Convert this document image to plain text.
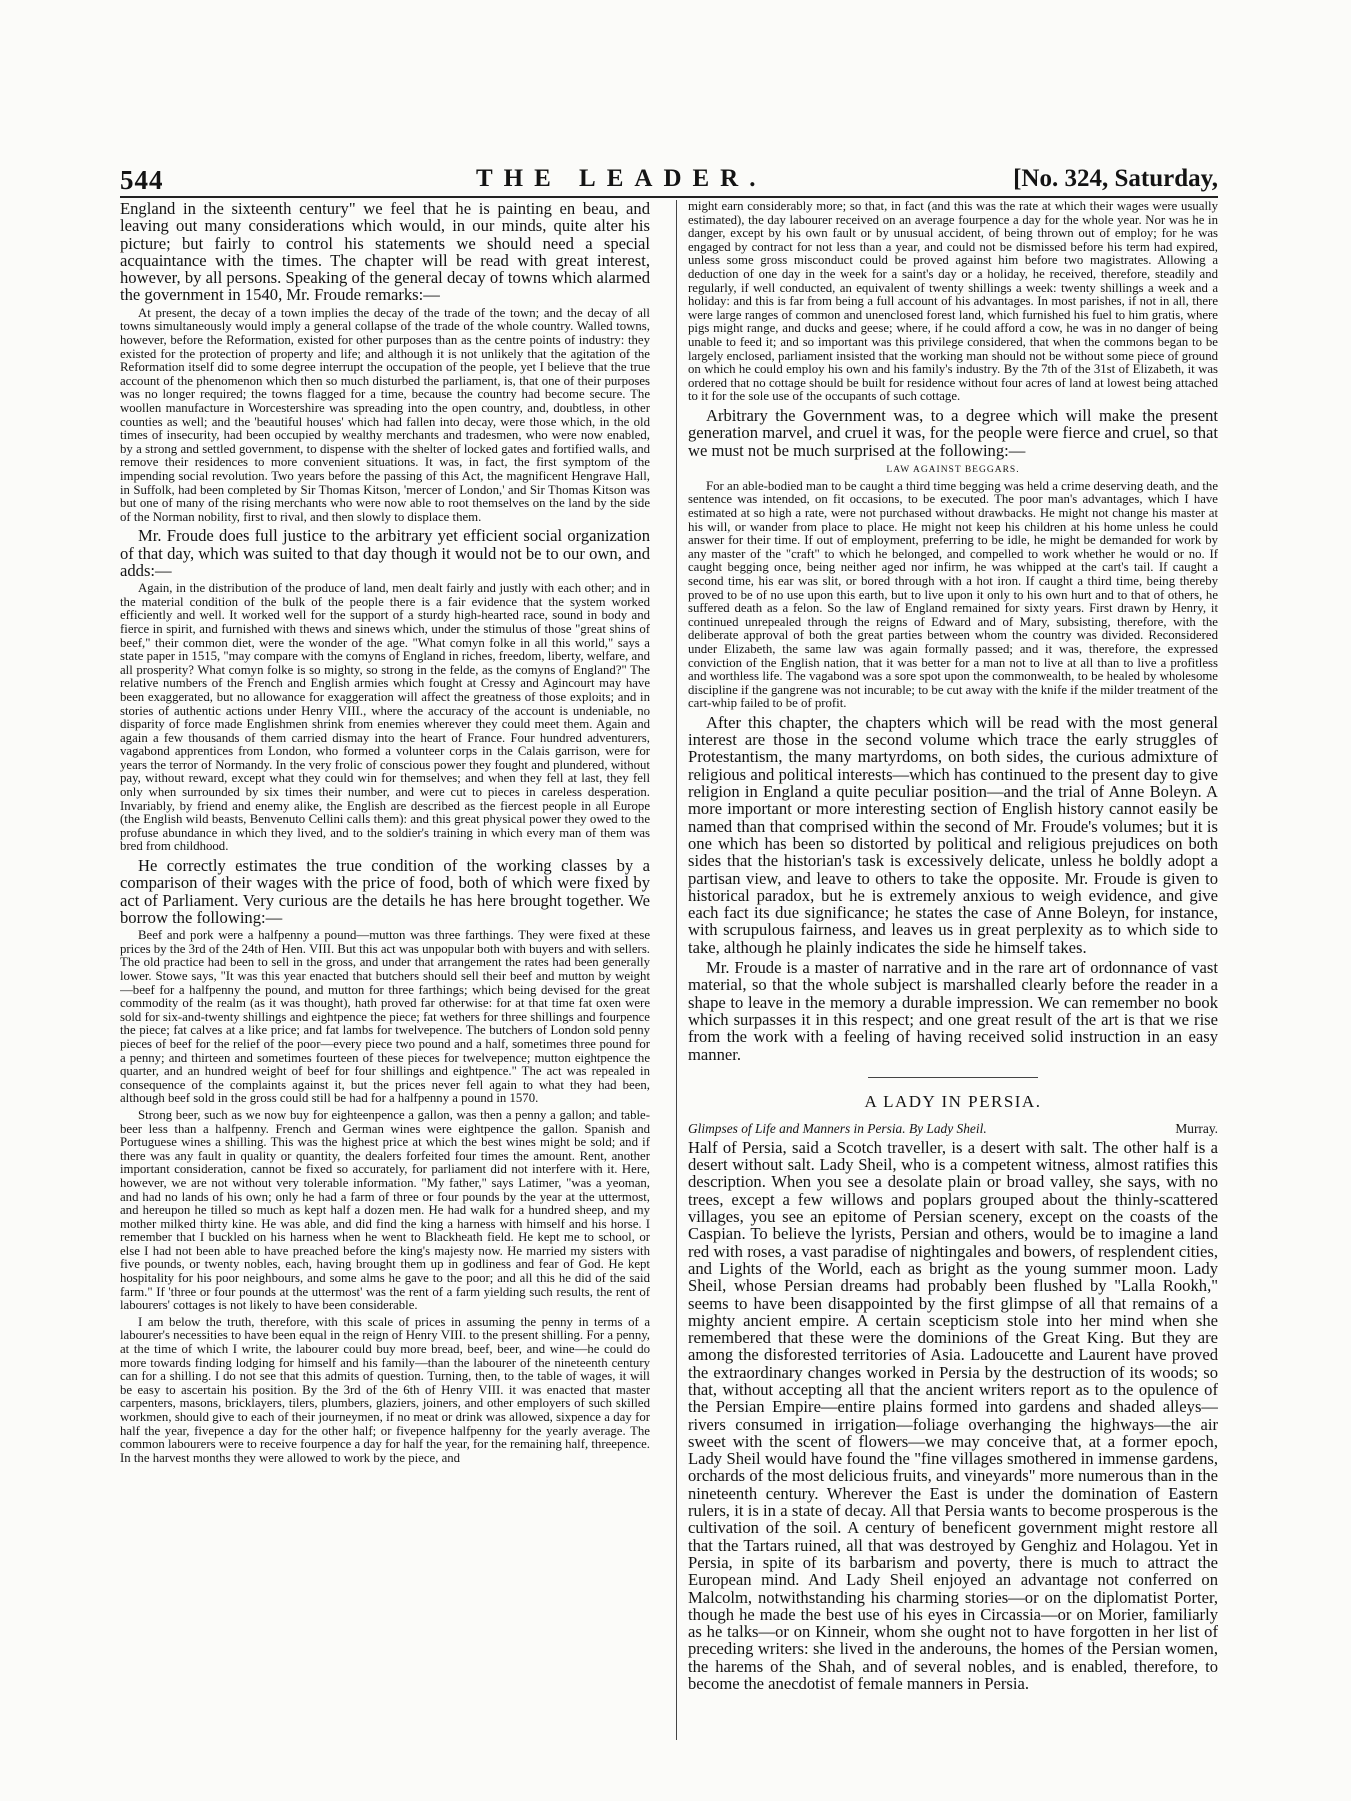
544	THE LEADER.	[No. 324, Saturday,

England in the sixteenth century" we feel that he is painting en beau, and leaving out many considerations which would, in our minds, quite alter his picture; but fairly to control his statements we should need a special acquaintance with the times. The chapter will be read with great interest, however, by all persons. Speaking of the general decay of towns which alarmed the government in 1540, Mr. Froude remarks:—

At present, the decay of a town implies the decay of the trade of the town; and the decay of all towns simultaneously would imply a general collapse of the trade of the whole country. Walled towns, however, before the Reformation, existed for other purposes than as the centre points of industry: they existed for the protection of property and life; and although it is not unlikely that the agitation of the Reformation itself did to some degree interrupt the occupation of the people, yet I believe that the true account of the phenomenon which then so much disturbed the parliament, is, that one of their purposes was no longer required; the towns flagged for a time, because the country had become secure. The woollen manufacture in Worcestershire was spreading into the open country, and, doubtless, in other counties as well; and the 'beautiful houses' which had fallen into decay, were those which, in the old times of insecurity, had been occupied by wealthy merchants and tradesmen, who were now enabled, by a strong and settled government, to dispense with the shelter of locked gates and fortified walls, and remove their residences to more convenient situations. It was, in fact, the first symptom of the impending social revolution. Two years before the passing of this Act, the magnificent Hengrave Hall, in Suffolk, had been completed by Sir Thomas Kitson, 'mercer of London,' and Sir Thomas Kitson was but one of many of the rising merchants who were now able to root themselves on the land by the side of the Norman nobility, first to rival, and then slowly to displace them.

Mr. Froude does full justice to the arbitrary yet efficient social organization of that day, which was suited to that day though it would not be to our own, and adds:—

Again, in the distribution of the produce of land, men dealt fairly and justly with each other; and in the material condition of the bulk of the people there is a fair evidence that the system worked efficiently and well. It worked well for the support of a sturdy high-hearted race, sound in body and fierce in spirit, and furnished with thews and sinews which, under the stimulus of those "great shins of beef," their common diet, were the wonder of the age. "What comyn folke in all this world," says a state paper in 1515, "may compare with the comyns of England in riches, freedom, liberty, welfare, and all prosperity? What comyn folke is so mighty, so strong in the felde, as the comyns of England?" The relative numbers of the French and English armies which fought at Cressy and Agincourt may have been exaggerated, but no allowance for exaggeration will affect the greatness of those exploits; and in stories of authentic actions under Henry VIII., where the accuracy of the account is undeniable, no disparity of force made Englishmen shrink from enemies wherever they could meet them. Again and again a few thousands of them carried dismay into the heart of France. Four hundred adventurers, vagabond apprentices from London, who formed a volunteer corps in the Calais garrison, were for years the terror of Normandy. In the very frolic of conscious power they fought and plundered, without pay, without reward, except what they could win for themselves; and when they fell at last, they fell only when surrounded by six times their number, and were cut to pieces in careless desperation. Invariably, by friend and enemy alike, the English are described as the fiercest people in all Europe (the English wild beasts, Benvenuto Cellini calls them): and this great physical power they owed to the profuse abundance in which they lived, and to the soldier's training in which every man of them was bred from childhood.

He correctly estimates the true condition of the working classes by a comparison of their wages with the price of food, both of which were fixed by act of Parliament. Very curious are the details he has here brought together. We borrow the following:—

Beef and pork were a halfpenny a pound—mutton was three farthings. They were fixed at these prices by the 3rd of the 24th of Hen. VIII. But this act was unpopular both with buyers and with sellers. The old practice had been to sell in the gross, and under that arrangement the rates had been generally lower. Stowe says, "It was this year enacted that butchers should sell their beef and mutton by weight—beef for a halfpenny the pound, and mutton for three farthings; which being devised for the great commodity of the realm (as it was thought), hath proved far otherwise: for at that time fat oxen were sold for six-and-twenty shillings and eightpence the piece; fat wethers for three shillings and fourpence the piece; fat calves at a like price; and fat lambs for twelvepence. The butchers of London sold penny pieces of beef for the relief of the poor—every piece two pound and a half, sometimes three pound for a penny; and thirteen and sometimes fourteen of these pieces for twelvepence; mutton eightpence the quarter, and an hundred weight of beef for four shillings and eightpence." The act was repealed in consequence of the complaints against it, but the prices never fell again to what they had been, although beef sold in the gross could still be had for a halfpenny a pound in 1570.

Strong beer, such as we now buy for eighteenpence a gallon, was then a penny a gallon; and table-beer less than a halfpenny. French and German wines were eightpence the gallon. Spanish and Portuguese wines a shilling. This was the highest price at which the best wines might be sold; and if there was any fault in quality or quantity, the dealers forfeited four times the amount. Rent, another important consideration, cannot be fixed so accurately, for parliament did not interfere with it. Here, however, we are not without very tolerable information. "My father," says Latimer, "was a yeoman, and had no lands of his own; only he had a farm of three or four pounds by the year at the uttermost, and hereupon he tilled so much as kept half a dozen men. He had walk for a hundred sheep, and my mother milked thirty kine. He was able, and did find the king a harness with himself and his horse. I remember that I buckled on his harness when he went to Blackheath field. He kept me to school, or else I had not been able to have preached before the king's majesty now. He married my sisters with five pounds, or twenty nobles, each, having brought them up in godliness and fear of God. He kept hospitality for his poor neighbours, and some alms he gave to the poor; and all this he did of the said farm." If 'three or four pounds at the uttermost' was the rent of a farm yielding such results, the rent of labourers' cottages is not likely to have been considerable.

I am below the truth, therefore, with this scale of prices in assuming the penny in terms of a labourer's necessities to have been equal in the reign of Henry VIII. to the present shilling. For a penny, at the time of which I write, the labourer could buy more bread, beef, beer, and wine—he could do more towards finding lodging for himself and his family—than the labourer of the nineteenth century can for a shilling. I do not see that this admits of question. Turning, then, to the table of wages, it will be easy to ascertain his position. By the 3rd of the 6th of Henry VIII. it was enacted that master carpenters, masons, bricklayers, tilers, plumbers, glaziers, joiners, and other employers of such skilled workmen, should give to each of their journeymen, if no meat or drink was allowed, sixpence a day for half the year, fivepence a day for the other half; or fivepence halfpenny for the yearly average. The common labourers were to receive fourpence a day for half the year, for the remaining half, threepence. In the harvest months they were allowed to work by the piece, and

might earn considerably more; so that, in fact (and this was the rate at which their wages were usually estimated), the day labourer received on an average fourpence a day for the whole year. Nor was he in danger, except by his own fault or by unusual accident, of being thrown out of employ; for he was engaged by contract for not less than a year, and could not be dismissed before his term had expired, unless some gross misconduct could be proved against him before two magistrates. Allowing a deduction of one day in the week for a saint's day or a holiday, he received, therefore, steadily and regularly, if well conducted, an equivalent of twenty shillings a week: twenty shillings a week and a holiday: and this is far from being a full account of his advantages. In most parishes, if not in all, there were large ranges of common and unenclosed forest land, which furnished his fuel to him gratis, where pigs might range, and ducks and geese; where, if he could afford a cow, he was in no danger of being unable to feed it; and so important was this privilege considered, that when the commons began to be largely enclosed, parliament insisted that the working man should not be without some piece of ground on which he could employ his own and his family's industry. By the 7th of the 31st of Elizabeth, it was ordered that no cottage should be built for residence without four acres of land at lowest being attached to it for the sole use of the occupants of such cottage.

Arbitrary the Government was, to a degree which will make the present generation marvel, and cruel it was, for the people were fierce and cruel, so that we must not be much surprised at the following:—

LAW AGAINST BEGGARS.

For an able-bodied man to be caught a third time begging was held a crime deserving death, and the sentence was intended, on fit occasions, to be executed. The poor man's advantages, which I have estimated at so high a rate, were not purchased without drawbacks. He might not change his master at his will, or wander from place to place. He might not keep his children at his home unless he could answer for their time. If out of employment, preferring to be idle, he might be demanded for work by any master of the "craft" to which he belonged, and compelled to work whether he would or no. If caught begging once, being neither aged nor infirm, he was whipped at the cart's tail. If caught a second time, his ear was slit, or bored through with a hot iron. If caught a third time, being thereby proved to be of no use upon this earth, but to live upon it only to his own hurt and to that of others, he suffered death as a felon. So the law of England remained for sixty years. First drawn by Henry, it continued unrepealed through the reigns of Edward and of Mary, subsisting, therefore, with the deliberate approval of both the great parties between whom the country was divided. Reconsidered under Elizabeth, the same law was again formally passed; and it was, therefore, the expressed conviction of the English nation, that it was better for a man not to live at all than to live a profitless and worthless life. The vagabond was a sore spot upon the commonwealth, to be healed by wholesome discipline if the gangrene was not incurable; to be cut away with the knife if the milder treatment of the cart-whip failed to be of profit.

After this chapter, the chapters which will be read with the most general interest are those in the second volume which trace the early struggles of Protestantism, the many martyrdoms, on both sides, the curious admixture of religious and political interests—which has continued to the present day to give religion in England a quite peculiar position—and the trial of Anne Boleyn. A more important or more interesting section of English history cannot easily be named than that comprised within the second of Mr. Froude's volumes; but it is one which has been so distorted by political and religious prejudices on both sides that the historian's task is excessively delicate, unless he boldly adopt a partisan view, and leave to others to take the opposite. Mr. Froude is given to historical paradox, but he is extremely anxious to weigh evidence, and give each fact its due significance; he states the case of Anne Boleyn, for instance, with scrupulous fairness, and leaves us in great perplexity as to which side to take, although he plainly indicates the side he himself takes.

Mr. Froude is a master of narrative and in the rare art of ordonnance of vast material, so that the whole subject is marshalled clearly before the reader in a shape to leave in the memory a durable impression. We can remember no book which surpasses it in this respect; and one great result of the art is that we rise from the work with a feeling of having received solid instruction in an easy manner.

A LADY IN PERSIA.
Glimpses of Life and Manners in Persia. By Lady Sheil.	Murray.

Half of Persia, said a Scotch traveller, is a desert with salt. The other half is a desert without salt. Lady Sheil, who is a competent witness, almost ratifies this description. When you see a desolate plain or broad valley, she says, with no trees, except a few willows and poplars grouped about the thinly-scattered villages, you see an epitome of Persian scenery, except on the coasts of the Caspian. To believe the lyrists, Persian and others, would be to imagine a land red with roses, a vast paradise of nightingales and bowers, of resplendent cities, and Lights of the World, each as bright as the young summer moon. Lady Sheil, whose Persian dreams had probably been flushed by "Lalla Rookh," seems to have been disappointed by the first glimpse of all that remains of a mighty ancient empire. A certain scepticism stole into her mind when she remembered that these were the dominions of the Great King. But they are among the disforested territories of Asia. Ladoucette and Laurent have proved the extraordinary changes worked in Persia by the destruction of its woods; so that, without accepting all that the ancient writers report as to the opulence of the Persian Empire—entire plains formed into gardens and shaded alleys—rivers consumed in irrigation—foliage overhanging the highways—the air sweet with the scent of flowers—we may conceive that, at a former epoch, Lady Sheil would have found the "fine villages smothered in immense gardens, orchards of the most delicious fruits, and vineyards" more numerous than in the nineteenth century. Wherever the East is under the domination of Eastern rulers, it is in a state of decay. All that Persia wants to become prosperous is the cultivation of the soil. A century of beneficent government might restore all that the Tartars ruined, all that was destroyed by Genghiz and Holagou. Yet in Persia, in spite of its barbarism and poverty, there is much to attract the European mind. And Lady Sheil enjoyed an advantage not conferred on Malcolm, notwithstanding his charming stories—or on the diplomatist Porter, though he made the best use of his eyes in Circassia—or on Morier, familiarly as he talks—or on Kinneir, whom she ought not to have forgotten in her list of preceding writers: she lived in the anderouns, the homes of the Persian women, the harems of the Shah, and of several nobles, and is enabled, therefore, to become the anecdotist of female manners in Persia.
